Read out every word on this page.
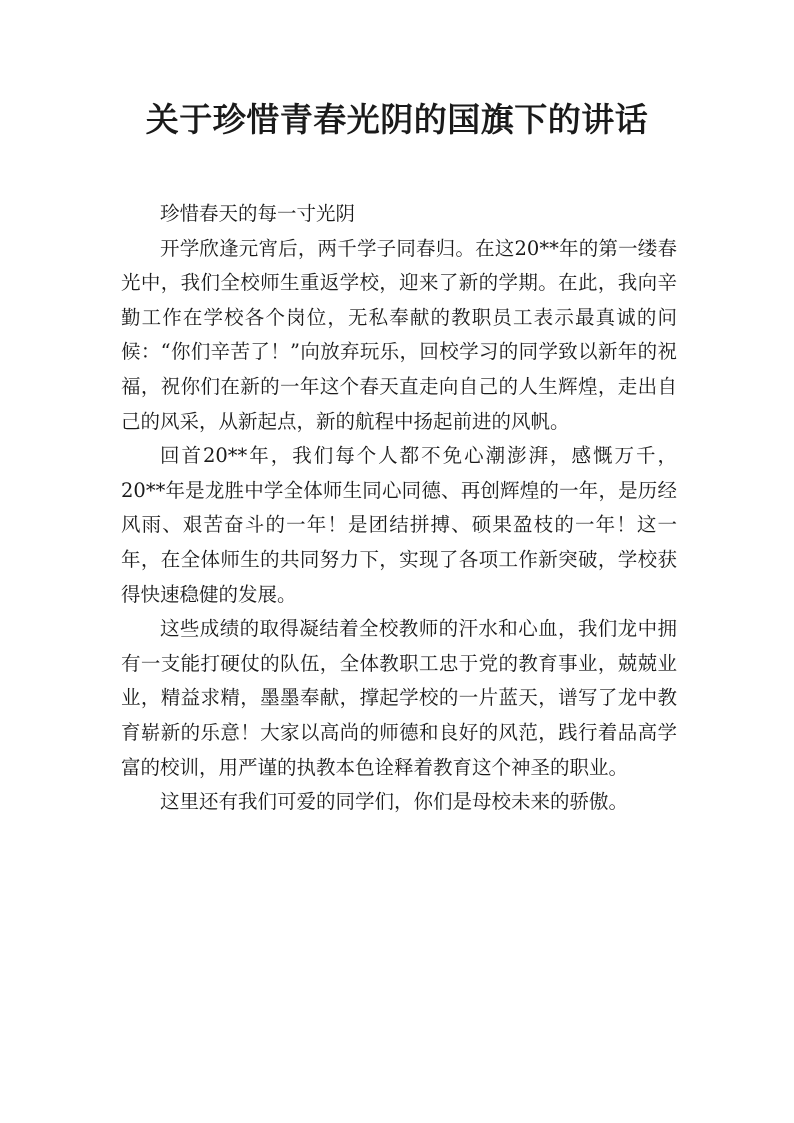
关于珍惜青春光阴的国旗下的讲话

珍惜春天的每一寸光阴

开学欣逢元宵后，两千学子同春归。在这20**年的第一缕春光中，我们全校师生重返学校，迎来了新的学期。在此，我向辛勤工作在学校各个岗位，无私奉献的教职员工表示最真诚的问候：“你们辛苦了！”向放弃玩乐，回校学习的同学致以新年的祝福，祝你们在新的一年这个春天直走向自己的人生辉煌，走出自己的风采，从新起点，新的航程中扬起前进的风帆。

回首20**年，我们每个人都不免心潮澎湃，感慨万千，20**年是龙胜中学全体师生同心同德、再创辉煌的一年，是历经风雨、艰苦奋斗的一年！是团结拼搏、硕果盈枝的一年！这一年，在全体师生的共同努力下，实现了各项工作新突破，学校获得快速稳健的发展。

这些成绩的取得凝结着全校教师的汗水和心血，我们龙中拥有一支能打硬仗的队伍，全体教职工忠于党的教育事业，兢兢业业，精益求精，墨墨奉献，撑起学校的一片蓝天，谱写了龙中教育崭新的乐意！大家以高尚的师德和良好的风范，践行着品高学富的校训，用严谨的执教本色诠释着教育这个神圣的职业。

这里还有我们可爱的同学们，你们是母校未来的骄傲。
